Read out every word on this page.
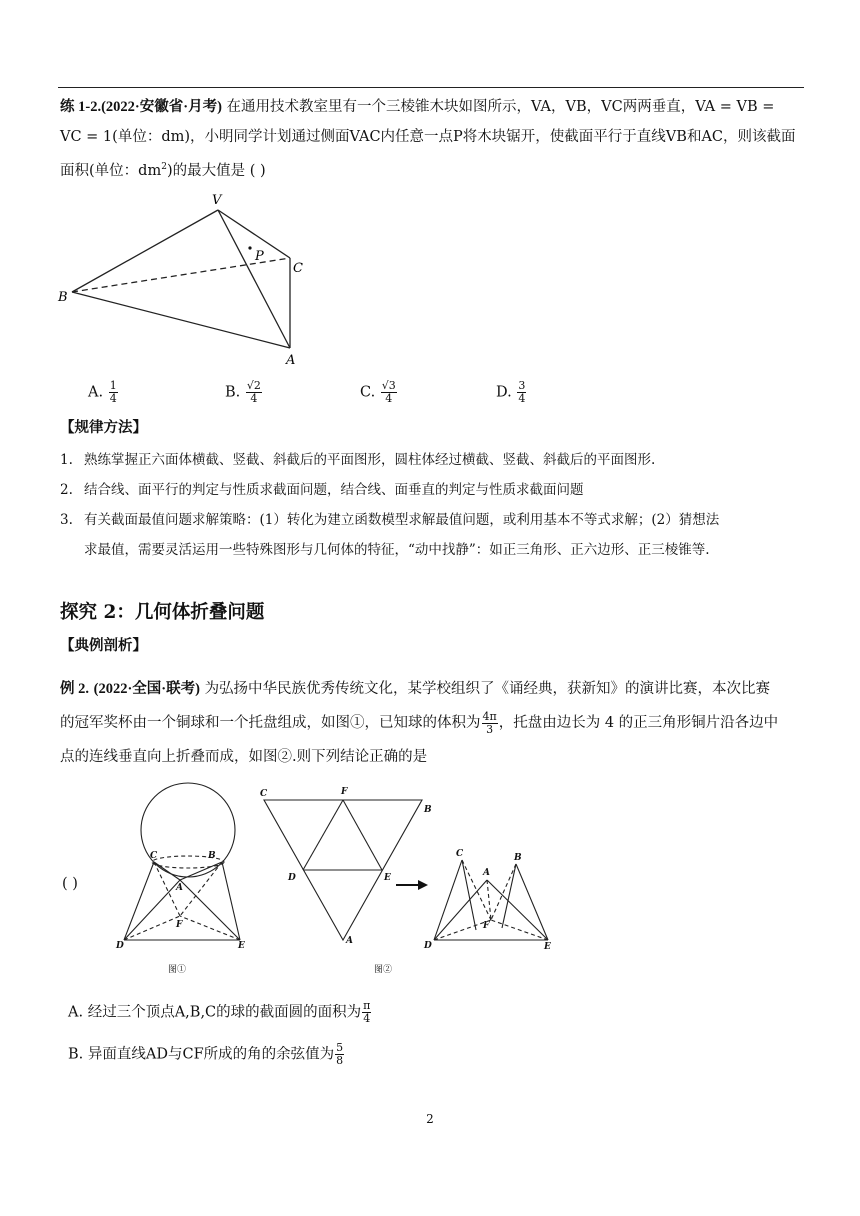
练 1-2.(2022·安徽省·月考) 在通用技术教室里有一个三棱锥木块如图所示，VA，VB，VC两两垂直，VA = VB =
VC = 1(单位：dm)，小明同学计划通过侧面VAC内任意一点P将木块锯开，使截面平行于直线VB和AC，则该截面
面积(单位：$dm^2$)的最大值是 ( )
V
P
C
B
A
A. $\frac{1}{4}$	B. $\frac{√2}{4}$	C. $\frac{√3}{4}$	D. $\frac{3}{4}$
【规律方法】
1. 熟练掌握正六面体横截、竖截、斜截后的平面图形，圆柱体经过横截、竖截、斜截后的平面图形.
2. 结合线、面平行的判定与性质求截面问题，结合线、面垂直的判定与性质求截面问题
3. 有关截面最值问题求解策略：(1）转化为建立函数模型求解最值问题，或利用基本不等式求解；(2）猜想法
求最值，需要灵活运用一些特殊图形与几何体的特征，“动中找静”：如正三角形、正六边形、正三棱锥等.
探究 2：几何体折叠问题
【典例剖析】
例 2. (2022·全国·联考) 为弘扬中华民族优秀传统文化，某学校组织了《诵经典，获新知》的演讲比赛，本次比赛
的冠军奖杯由一个铜球和一个托盘组成，如图①，已知球的体积为 $\frac{4\pi}{3}$ ，托盘由边长为 4 的正三角形铜片沿各边中
点的连线垂直向上折叠而成，如图②.则下列结论正确的是
( )
C	B
A
F
D	E
C	F
B
D	E
A
C
A
B
F
D	E
图①	图②
A. 经过三个顶点A,B,C的球的截面圆的面积为 $\frac{\pi}{4}$
B. 异面直线AD与CF所成的角的余弦值为 $\frac{5}{8}$
2
